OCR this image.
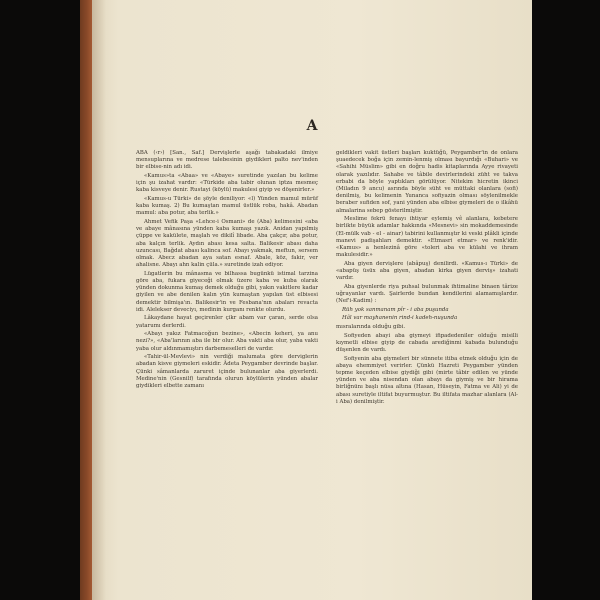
A

ABA (‹r›) [San., Saf.] Dervişlerle aşağı tabakadaki ilmiye mensuplarına ve medrese talebesinin giydikleri palto nev'inden bir elbise-nin adı idi.

«Kamus»ta «Abaa» ve «Abaye» suretinde yazılan bu kelime için şu izahat vardır: «Türkide aba tabir olunan iptza mesmeç kaba kisveye denir. Rustayi (köylü) makulesi giyip ve döşenirler.»

«Kamus-u Türki» de şöyle deniliyor: «l) Yünden mamul mürüf kaba kumaş. 2) Bu kumaştan mamul üstlük roba, hakâ. Abadan mamul: aba potur, aba terlik.»

Ahmet Vefik Paşa «Lehce-i Osmani» de (Aba) kelimesini «aba ve abaye mânasına yünden kaba kumaşı yazık. Anidan yapılmiş çüppe ve kakülete, maşlah ve dikilî libade. Aba çakçır, aba potur, aba kalçın terlik. Aydın abası kesa salta. Balikesir abası daha uzuncası, Bağdat abası kalinca sof. Abayı yakmak, meftun, sersem olmak. Abecz abadan aya satan esnaf. Abale, köz, fakir, ver ahalisne. Abayı ahn kalin çüla.» suretinde izah ediyor.

Lügatlerin bu mânasma ve bilhassa bugünkü istimal tarzina göre aba, fukara giyeceği olmak üzere kaba ve kuba olarak yünden dokunma kumaş demek olduğu gibi, yakın vakitlere kadar giyilen ve abe denilen kalın yün kumaştan yapılan üst elbisesi demektir bilmişa'ın. Balikesir'in ve Fesbana'nın abaları revacta idi. Alelekser deveciyı, medinin kurganı renkte olurdu.

Lâkaydane hayat geçirenler çikr abam var çaran, serde olsa yatarumı derlerdi.

«Abayı yakız Fatmacoğun bezine», «Abecin keheri, ya anu nezi?», «Aba'larının aba ile bir olur. Aba vakti aba olur, yaba vakti yaba olur aldınmamıştırı darbemeselleri de vardır.

«Tahir-ül-Mevlevi» nin verdiği malumata göre derviglerin abadan kisve giymeleri eskidir. Âdeta Peygamber devrinde başlar. Çünki sâmanlarda zaruret içinde bulunanlar aba giyerlerdi. Medine'nin (Gesnilf) tarafında olurun köylülerin yünden abalar giydikleri elbette zamanı

geldikleri vakit üstleri başları kuktüğü, Peygamber'in de onlara şuaedecek boğa için zemin-lenmiş olması bayurdığı «Buhari» ve «Sahihi Müslim» gibi en doğru hadis kitaplarında Ayye rivayeti olarak yazılıdır. Sahabe ve tâbile devirlerindeki züht ve takva erbabi da böyle yaptıkları görülüyor. Nitekim hicretin ikinci (Miladın 9 ancu) asrında böyle süht ve müttaki olanlara (sofi) denilmiş, bu kelimenin Yunanca sofiyazin olması söylenilmekle beraber sufiden sof, yani yünden aba elbise giymeleri de o ilkâhü almalarina sebep gösterilmiştir.

Meslime fekrü fenayı ihtiyar eylemiş vê alanlara, kebetere birlikte büyük adamlar hakkında «Mesnevi» sin mokaddemesinde (El-mülk vab - el - ainar) tabirini kullanmıştır ki veski plâkli içinde manevi padişahları demektir. «Etmasri etmar» ve renk'idir. «Kamus» a henlezinâ göre «toleri aba ve külahi ve ihram makulesidir.»

Aba giyen dervişlere (abâpuş) denilirdi. «Kamus-ı Türki» de «abapüş üsüx aba giyen, abadan kirka giyen derviş» izahati vardır.

Aba giyenlerde riya puhsal bulunmak ihtimaline binaen târize uğrayanlar vardı. Şairlerde bundan kendilerini alamamışlardır. (Nef'i-Kadim) :

Rüh yok sanmanam pîr - i aba puşunda

Hâl var mayhanenin rind-i kadeh-nuşunda

mısralarında olduğu gibi.

Sofiyeden abayi aba giymeyi ifipadedeniler olduğu misilli kıymetli elbise giyip de cabada arediğinmi kabada bulunduğu düşenlen de vardı.

Sofiyenin aba giymeleri bir sünnete itiba etmek olduğu için de abaya ehemmiyet verirler. Çünkü Hazreti Peygamber yünden tepme keçeden elbise giydiği gibi (mirte tâbir edilen ve yünde yünden ve aba nisendan olan abayı da giymiş ve bir hirama birliğnünı başlı nüsa altına (Hasan, Hüseyin, Fatma ve Ali) yi de abası suretiyle iltifat buyurmuştur. Bu iltifata mazhar alanlara (Al-i Aba) denilmiştir.
